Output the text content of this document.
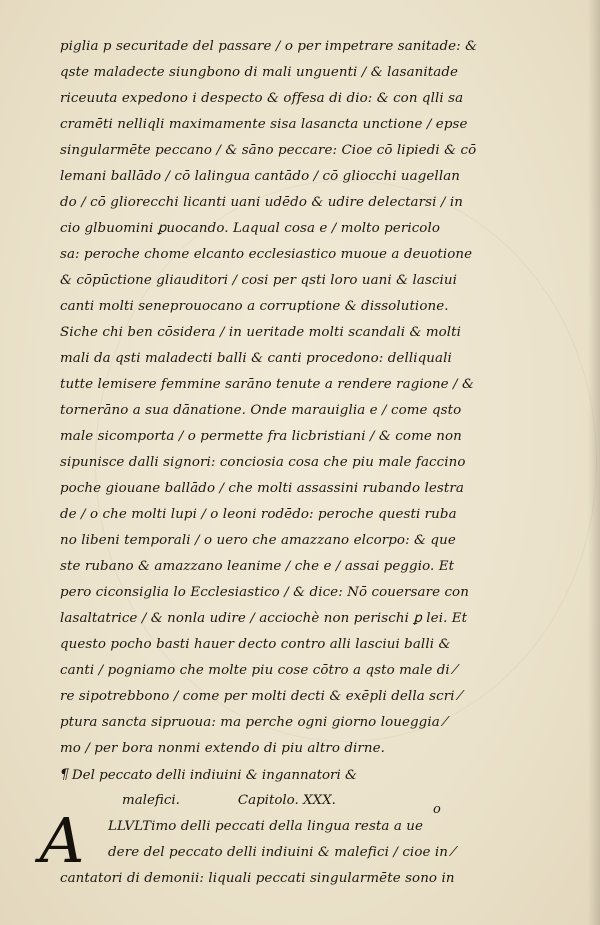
piglia p securitade del passare / o per impetrare sanitade: &
qste maladecte siungbono di mali unguenti / & lasanitade
riceuuta expedono i despecto & offesa di dio: & con qlli sa
cramēti nelliqli maximamente sisa lasancta unctione / epse
singularmēte peccano / & sāno peccare: Cioe cō lipiedi & cō
lemani ballādo / cō lalingua cantādo / cō gliocchi uagellan
do / cō gliorecchi licanti uani udēdo & udire delectarsi / in
cio glbuomini ꝑuocando. Laqual cosa e / molto pericolo
sa: peroche chome elcanto ecclesiastico muoue a deuotione
& cōpūctione gliauditori / cosi per qsti loro uani & lasciui
canti molti seneprouocano a corruptione & dissolutione.
Siche chi ben cōsidera / in ueritade molti scandali & molti
mali da qsti maladecti balli & canti procedono: delliquali
tutte lemisere femmine sarāno tenute a rendere ragione / &
tornerāno a sua dānatione. Onde marauiglia e / come qsto
male sicomporta / o permette fra licbristiani / & come non
sipunisce dalli signori: conciosia cosa che piu male faccino
poche giouane ballādo / che molti assassini rubando lestra
de / o che molti lupi / o leoni rodēdo: peroche questi ruba
no libeni temporali / o uero che amazzano elcorpo: & que
ste rubano & amazzano leanime / che e / assai peggio. Et
pero ciconsiglia lo Ecclesiastico / & dice: Nō couersare con
lasaltatrice / & nonla udire / acciochè non perischi ꝑ lei. Et
questo pocho basti hauer decto contro alli lasciui balli &
canti / pogniamo che molte piu cose cōtro a qsto male di ⁄
re sipotrebbono / come per molti decti & exēpli della scri ⁄
ptura sancta sipruoua: ma perche ogni giorno loueggia ⁄
mo / per bora nonmi extendo di piu altro dirne.
¶ Del peccato delli indiuini & ingannatori &
malefici.	Capitolo. XXX.
A	LLVLTimo delli peccati della lingua resta a ue
dere del peccato delli indiuini & malefici / cioe in ⁄
cantatori di demonii: liquali peccati singularmēte sono in
o
